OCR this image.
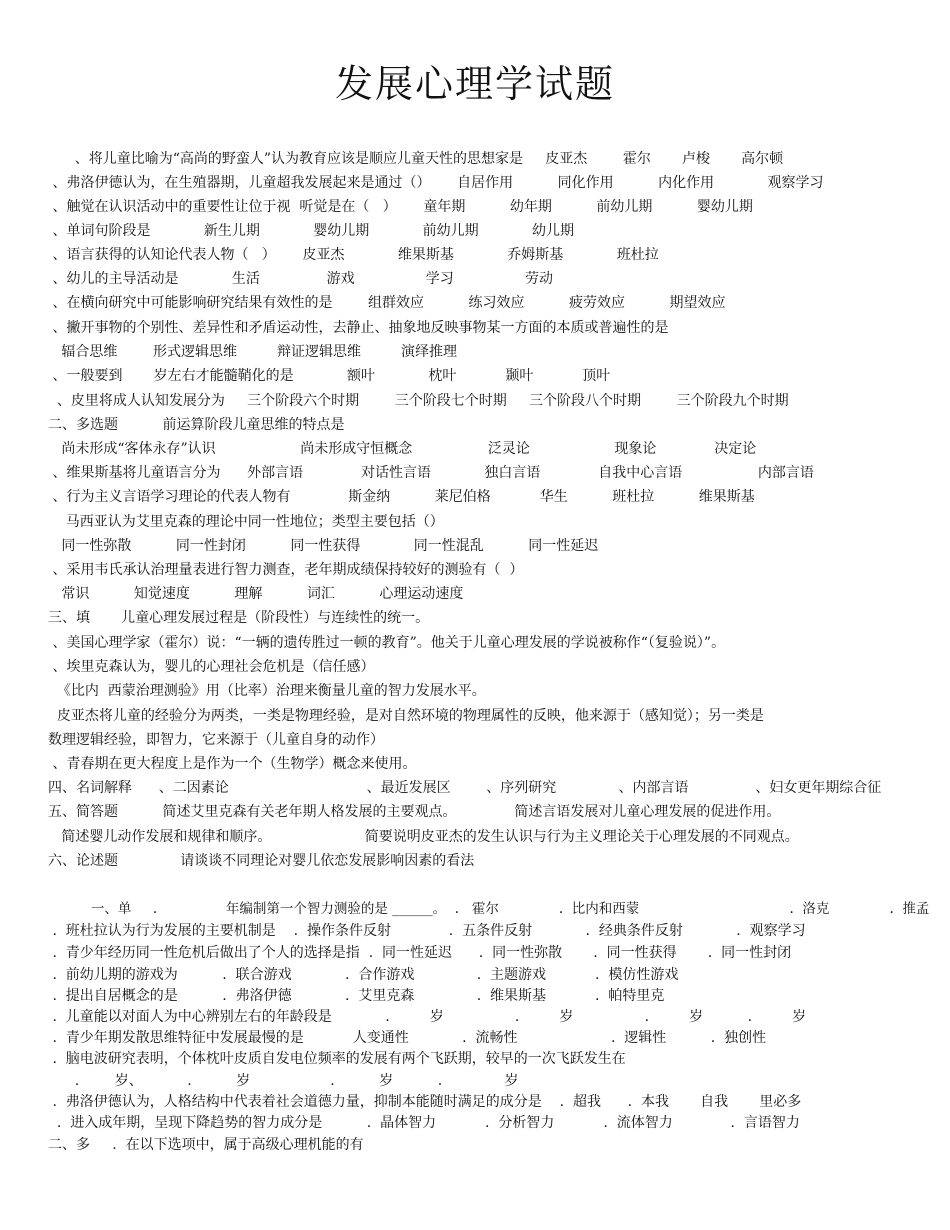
发展心理学试题
、将儿童比喻为“高尚的野蛮人”认为教育应该是顺应儿童天性的思想家是     皮亚杰        霍尔       卢梭       高尔顿
、弗洛伊德认为，在生殖器期，儿童超我发展起来是通过（）      自居作用          同化作用          内化作用            观察学习
、触觉在认识活动中的重要性让位于视  听觉是在（   ）      童年期          幼年期          前幼儿期          婴幼儿期
、单词句阶段是            新生儿期            婴幼儿期            前幼儿期            幼儿期
、语言获得的认知论代表人物（   ）      皮亚杰            维果斯基            乔姆斯基            班杜拉
、幼儿的主导活动是            生活               游戏                学习                劳动
、在横向研究中可能影响研究结果有效性的是        组群效应          练习效应          疲劳效应          期望效应
、撇开事物的个别性、差异性和矛盾运动性，去静止、抽象地反映事物某一方面的本质或普遍性的是
辐合思维        形式逻辑思维         辩证逻辑思维         演绎推理
、一般要到       岁左右才能髓鞘化的是            额叶            枕叶           颞叶           顶叶
、皮里将成人认知发展分为     三个阶段六个时期        三个阶段七个时期     三个阶段八个时期        三个阶段九个时期
二、多选题          前运算阶段儿童思维的特点是
尚未形成“客体永存”认识                   尚未形成守恒概念                 泛灵论                   现象论             决定论
、维果斯基将儿童语言分为      外部言语             对话性言语            独白言语             自我中心言语                 内部言语
、行为主义言语学习理论的代表人物有             斯金纳          莱尼伯格           华生          班杜拉          维果斯基
马西亚认为艾里克森的理论中同一性地位；类型主要包括（）
同一性弥散          同一性封闭          同一性获得            同一性混乱          同一性延迟
、采用韦氏承认治理量表进行智力测查，老年期成绩保持较好的测验有（  ）
常识          知觉速度          理解          词汇          心理运动速度
三、填       儿童心理发展过程是（阶段性）与连续性的统一。
、美国心理学家（霍尔）说：“一辆的遗传胜过一顿的教育”。他关于儿童心理发展的学说被称作“（复验说）”。
、埃里克森认为，婴儿的心理社会危机是（信任感）
《比内  西蒙治理测验》用（比率）治理来衡量儿童的智力发展水平。
皮亚杰将儿童的经验分为两类，一类是物理经验，是对自然环境的物理属性的反映，他来源于（感知觉）；另一类是
数理逻辑经验，即智力，它来源于（儿童自身的动作）
、青春期在更大程度上是作为一个（生物学）概念来使用。
四、名词解释      、二因素论                               、最近发展区        、序列研究              、内部言语               、妇女更年期综合征
五、简答题          简述艾里克森有关老年期人格发展的主要观点。             简述言语发展对儿童心理发展的促进作用。
简述婴儿动作发展和规律和顺序。                     简要说明皮亚杰的发生认识与行为主义理论关于心理发展的不同观点。
六、论述题              请谈谈不同理论对婴儿依恋发展影响因素的看法
一、单     .                年编制第一个智力测验的是 ______。  .   霍尔              .  比内和西蒙                                   .  洛克              .  推孟
.  班杜拉认为行为发展的主要机制是    .  操作条件反射             .  五条件反射            .  经典条件反射            .  观察学习
.  青少年经历同一性危机后做出了个人的选择是指  .  同一性延迟      .  同一性弥散       .  同一性获得       .  同一性封闭
.  前幼儿期的游戏为          .  联合游戏            .  合作游戏              .  主题游戏           .  模仿性游戏
.  提出自居概念的是          .  弗洛伊德            .  艾里克森              .  维果斯基           .  帕特里克
.  儿童能以对面人为中心辨别左右的年龄段是            .         岁                .         岁                .         岁          .         岁
.  青少年期发散思维特征中发展最慢的是           人变通性            .  流畅性                     .  逻辑性          .  独创性
.  脑电波研究表明，个体枕叶皮质自发电位频率的发展有两个飞跃期，较早的一次飞跃发生在
.        岁、          .          岁                  .          岁          .              岁
.  弗洛伊德认为，人格结构中代表着社会道德力量，抑制本能随时满足的成分是    .  超我      .  本我       自我       里必多
.  进入成年期，呈现下降趋势的智力成分是          .  晶体智力           .  分析智力           .  流体智力             .  言语智力
二、多     .  在以下选项中，属于高级心理机能的有
